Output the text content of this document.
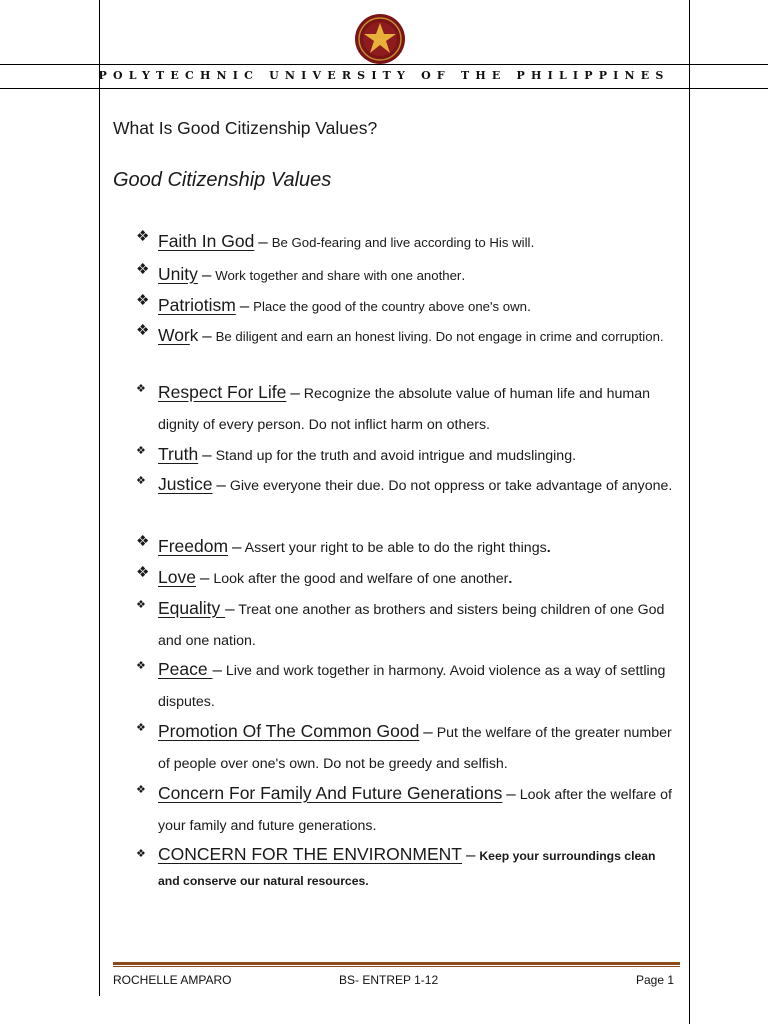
POLYTECHNIC UNIVERSITY OF THE PHILIPPINES
What Is Good Citizenship Values?
Good Citizenship Values
❖ Faith In God – Be God-fearing and live according to His will.
❖ Unity – Work together and share with one another.
❖ Patriotism – Place the good of the country above one's own.
❖ Work – Be diligent and earn an honest living. Do not engage in crime and corruption.
❖ Respect For Life – Recognize the absolute value of human life and human dignity of every person. Do not inflict harm on others.
❖ Truth – Stand up for the truth and avoid intrigue and mudslinging.
❖ Justice – Give everyone their due. Do not oppress or take advantage of anyone.
❖ Freedom – Assert your right to be able to do the right things.
❖ Love – Look after the good and welfare of one another.
❖ Equality – Treat one another as brothers and sisters being children of one God and one nation.
❖ Peace – Live and work together in harmony. Avoid violence as a way of settling disputes.
❖ Promotion Of The Common Good – Put the welfare of the greater number of people over one's own. Do not be greedy and selfish.
❖ Concern For Family And Future Generations – Look after the welfare of your family and future generations.
❖ CONCERN FOR THE ENVIRONMENT – Keep your surroundings clean and conserve our natural resources.
ROCHELLE AMPARO	BS- ENTREP 1-12	Page 1
